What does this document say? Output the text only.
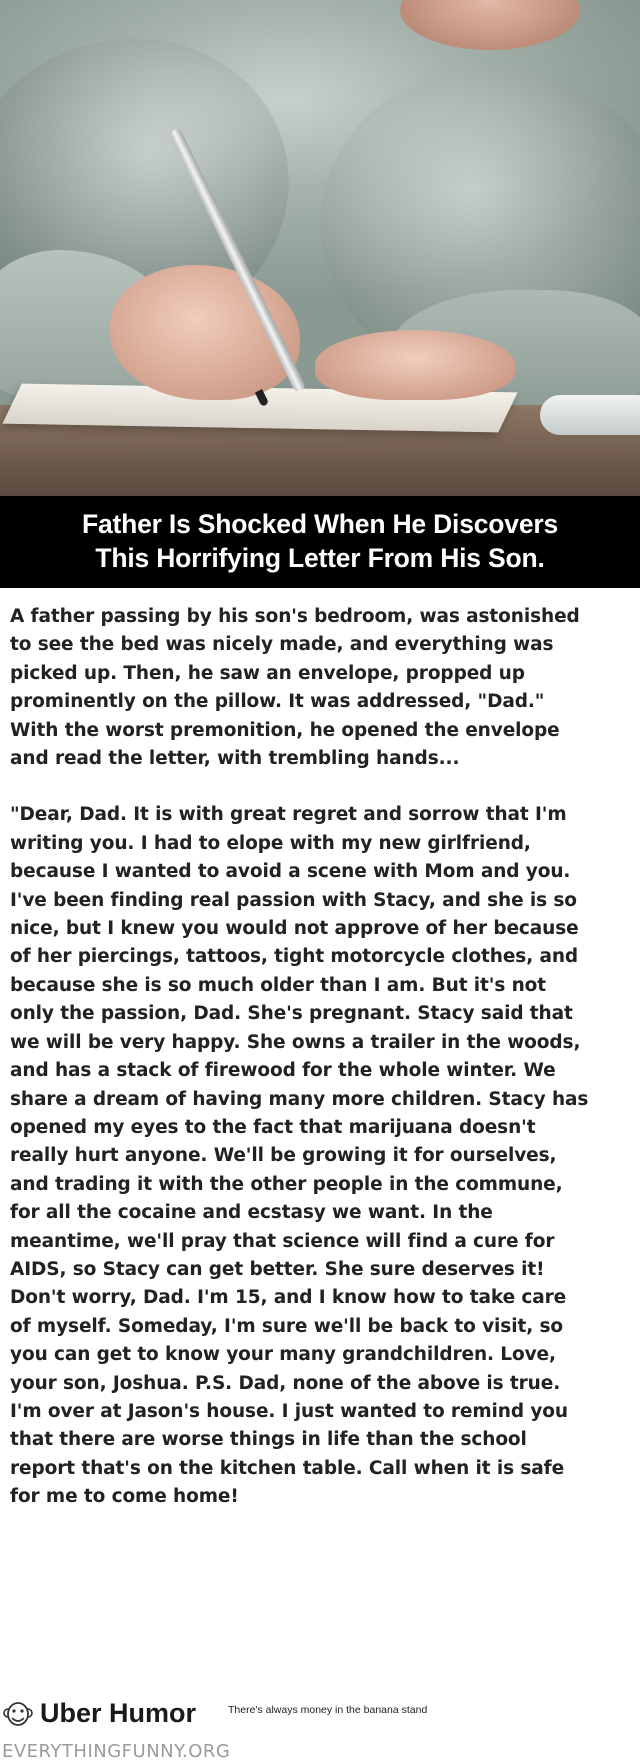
Father Is Shocked When He Discovers
This Horrifying Letter From His Son.
A father passing by his son's bedroom, was astonished
to see the bed was nicely made, and everything was
picked up. Then, he saw an envelope, propped up
prominently on the pillow. It was addressed, "Dad."
With the worst premonition, he opened the envelope
and read the letter, with trembling hands...
"Dear, Dad. It is with great regret and sorrow that I'm
writing you. I had to elope with my new girlfriend,
because I wanted to avoid a scene with Mom and you.
I've been finding real passion with Stacy, and she is so
nice, but I knew you would not approve of her because
of her piercings, tattoos, tight motorcycle clothes, and
because she is so much older than I am. But it's not
only the passion, Dad. She's pregnant. Stacy said that
we will be very happy. She owns a trailer in the woods,
and has a stack of firewood for the whole winter. We
share a dream of having many more children. Stacy has
opened my eyes to the fact that marijuana doesn't
really hurt anyone. We'll be growing it for ourselves,
and trading it with the other people in the commune,
for all the cocaine and ecstasy we want. In the
meantime, we'll pray that science will find a cure for
AIDS, so Stacy can get better. She sure deserves it!
Don't worry, Dad. I'm 15, and I know how to take care
of myself. Someday, I'm sure we'll be back to visit, so
you can get to know your many grandchildren. Love,
your son, Joshua. P.S. Dad, none of the above is true.
I'm over at Jason's house. I just wanted to remind you
that there are worse things in life than the school
report that's on the kitchen table. Call when it is safe
for me to come home!
Uber Humor	There's always money in the banana stand
EVERYTHINGFUNNY.ORG
